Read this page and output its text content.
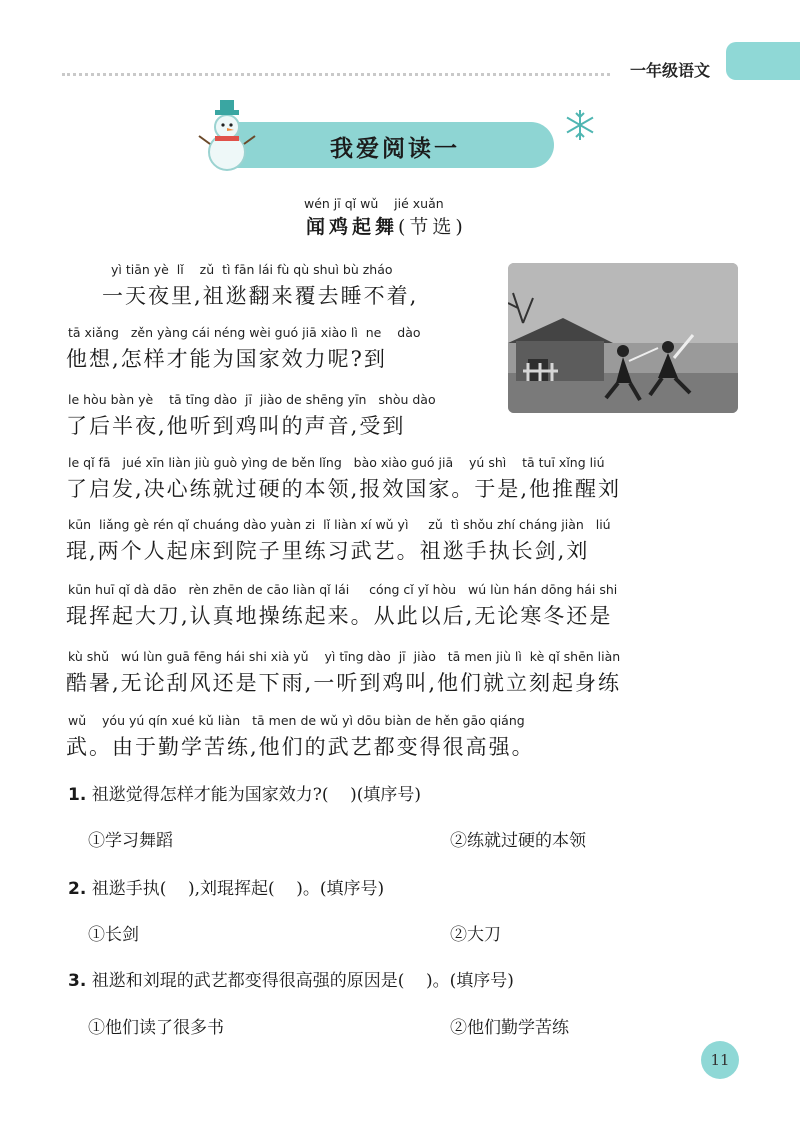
一年级语文
我爱阅读一
wén jī qǐ wǔ    jié xuǎn
闻鸡起舞(节选)
yì tiān yè  lǐ    zǔ  tì fān lái fù qù shuì bù zháo
一天夜里,祖逖翻来覆去睡不着,
tā xiǎng   zěn yàng cái néng wèi guó jiā xiào lì  ne    dào
他想,怎样才能为国家效力呢?到
le hòu bàn yè    tā tīng dào  jī  jiào de shēng yīn   shòu dào
了后半夜,他听到鸡叫的声音,受到
le qǐ fā   jué xīn liàn jiù guò yìng de běn lǐng   bào xiào guó jiā    yú shì    tā tuī xǐng liú
了启发,决心练就过硬的本领,报效国家。于是,他推醒刘
kūn  liǎng gè rén qǐ chuáng dào yuàn zi  lǐ liàn xí wǔ yì     zǔ  tì shǒu zhí cháng jiàn   liú
琨,两个人起床到院子里练习武艺。祖逖手执长剑,刘
kūn huī qǐ dà dāo   rèn zhēn de cāo liàn qǐ lái     cóng cǐ yǐ hòu   wú lùn hán dōng hái shi
琨挥起大刀,认真地操练起来。从此以后,无论寒冬还是
kù shǔ   wú lùn guā fēng hái shi xià yǔ    yì tīng dào  jī  jiào   tā men jiù lì  kè qǐ shēn liàn
酷暑,无论刮风还是下雨,一听到鸡叫,他们就立刻起身练
wǔ    yóu yú qín xué kǔ liàn   tā men de wǔ yì dōu biàn de hěn gāo qiáng
武。由于勤学苦练,他们的武艺都变得很高强。
1. 祖逖觉得怎样才能为国家效力?(    )(填序号)
①学习舞蹈	②练就过硬的本领
2. 祖逖手执(    ),刘琨挥起(    )。(填序号)
①长剑	②大刀
3. 祖逖和刘琨的武艺都变得很高强的原因是(    )。(填序号)
①他们读了很多书	②他们勤学苦练
11
